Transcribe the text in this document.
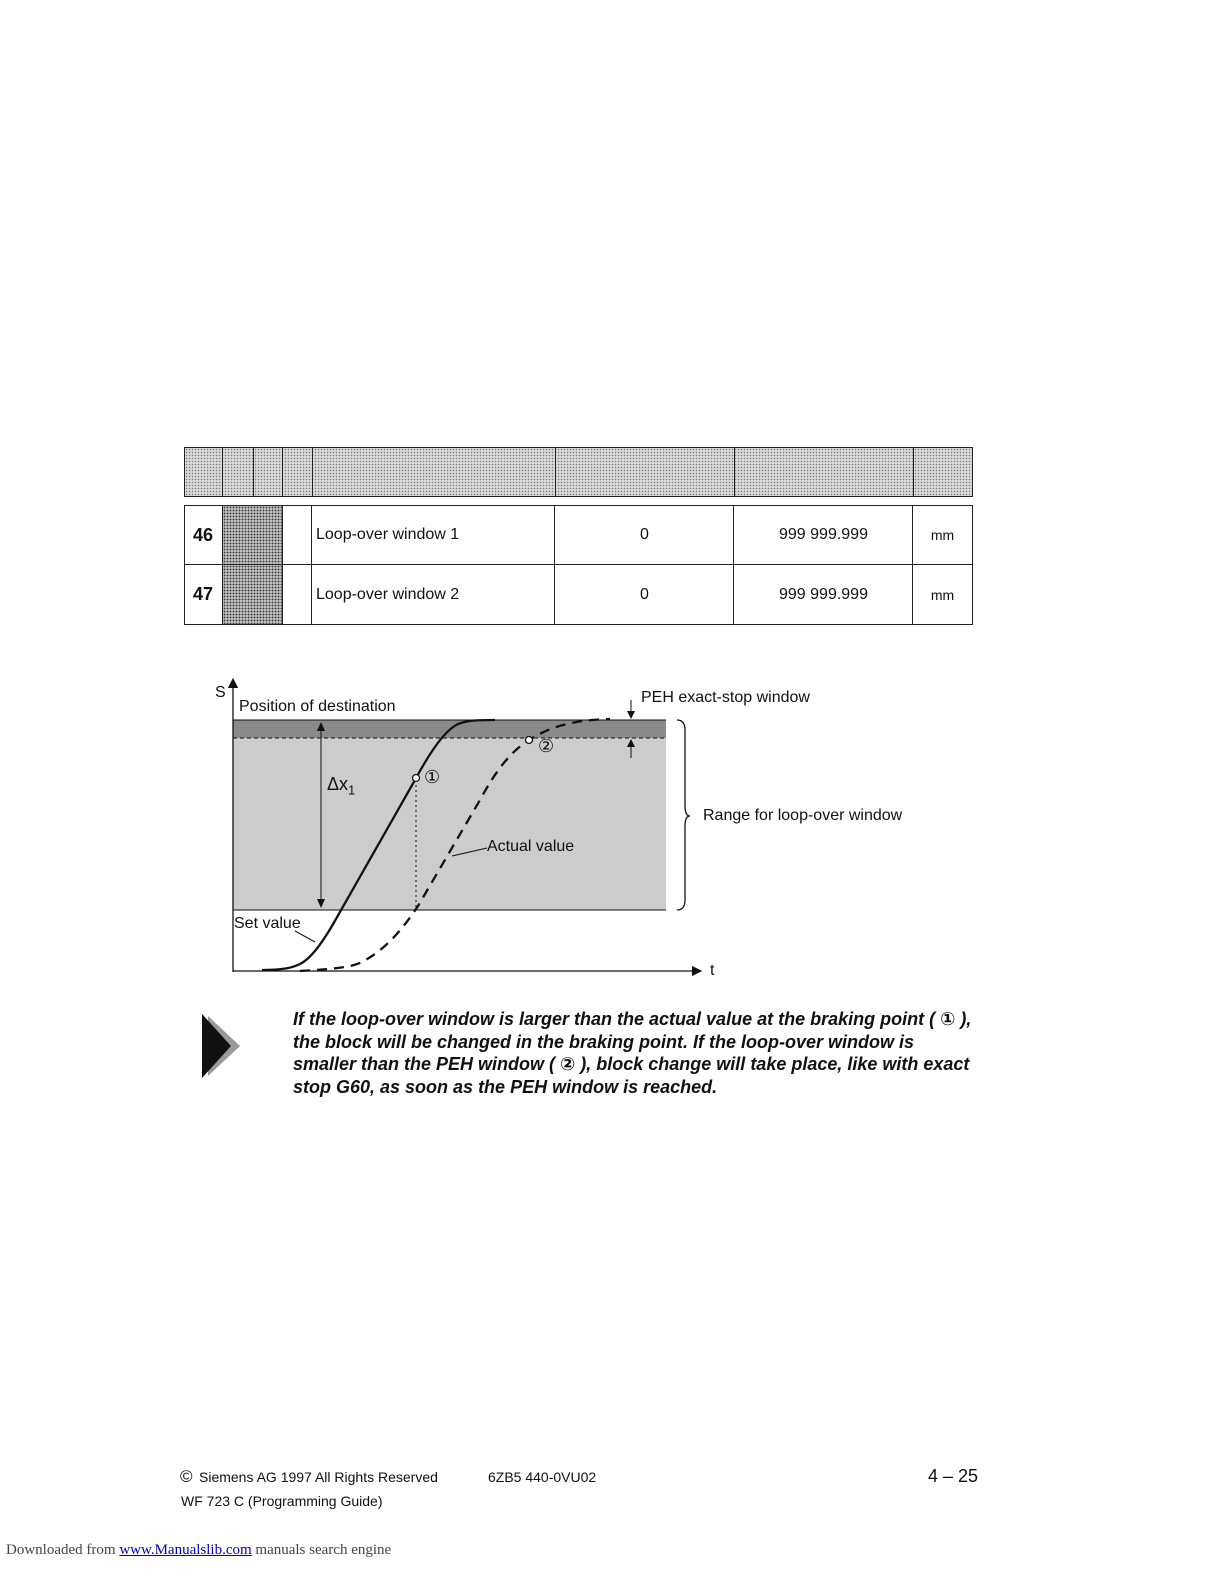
46	Loop-over window 1	0	999 999.999	mm
47	Loop-over window 2	0	999 999.999	mm
S
t
Position of destination
PEH exact-stop window
Range for loop-over window
$\Delta x_1$
Actual value
Set value
①
②
If the loop-over window is larger than the actual value at the braking point ( ① ), the block will be changed in the braking point. If the loop-over window is smaller than the PEH window ( ② ), block change will take place, like with exact stop G60, as soon as the PEH window is reached.
© Siemens AG 1997 All Rights Reserved	6ZB5 440-0VU02	4 – 25
WF 723 C (Programming Guide)
Downloaded from www.Manualslib.com manuals search engine
